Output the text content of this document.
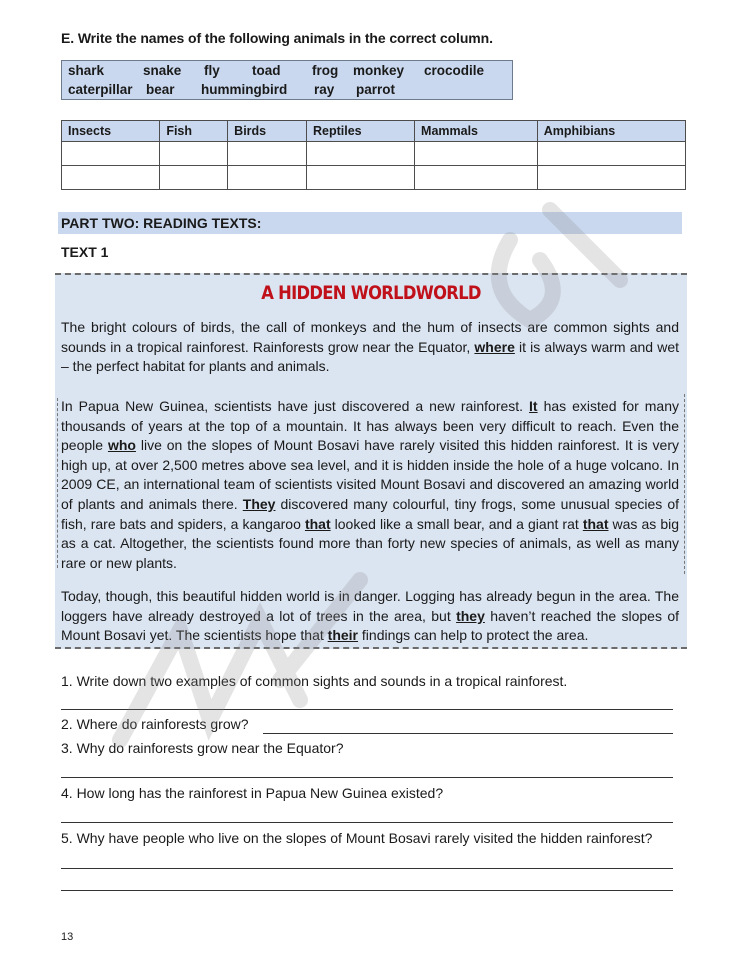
E. Write the names of the following animals in the correct column.
shark	snake fly toad frog monkey crocodile
caterpillar bear hummingbird ray parrot
Insects	Fish	Birds	Reptiles	Mammals	Amphibians

PART TWO: READING TEXTS:
TEXT 1
A HIDDEN WORLDWORLD
The bright colours of birds, the call of monkeys and the hum of insects are common sights and sounds in a tropical rainforest. Rainforests grow near the Equator, where it is always warm and wet – the perfect habitat for plants and animals.
In Papua New Guinea, scientists have just discovered a new rainforest. It has existed for many thousands of years at the top of a mountain. It has always been very difficult to reach. Even the people who live on the slopes of Mount Bosavi have rarely visited this hidden rainforest. It is very high up, at over 2,500 metres above sea level, and it is hidden inside the hole of a huge volcano. In 2009 CE, an international team of scientists visited Mount Bosavi and discovered an amazing world of plants and animals there. They discovered many colourful, tiny frogs, some unusual species of fish, rare bats and spiders, a kangaroo that looked like a small bear, and a giant rat that was as big as a cat. Altogether, the scientists found more than forty new species of animals, as well as many rare or new plants.
Today, though, this beautiful hidden world is in danger. Logging has already begun in the area. The loggers have already destroyed a lot of trees in the area, but they haven’t reached the slopes of Mount Bosavi yet. The scientists hope that their findings can help to protect the area.
1. Write down two examples of common sights and sounds in a tropical rainforest.
2. Where do rainforests grow?
3. Why do rainforests grow near the Equator?
4. How long has the rainforest in Papua New Guinea existed?
5. Why have people who live on the slopes of Mount Bosavi rarely visited the hidden rainforest?
13
